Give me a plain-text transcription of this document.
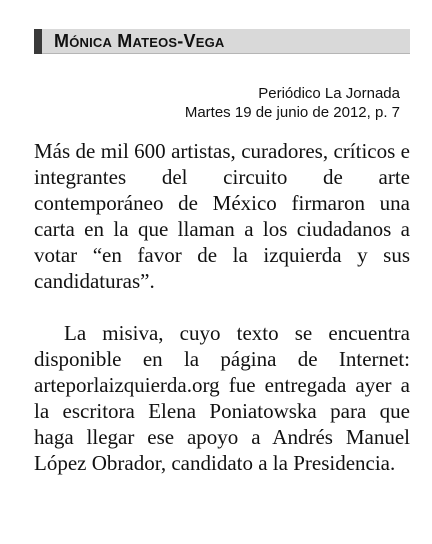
Mónica Mateos-Vega
Periódico La Jornada
Martes 19 de junio de 2012, p. 7

Más de mil 600 artistas, curadores, críticos e integrantes del circuito de arte contemporáneo de México firmaron una carta en la que llaman a los ciudadanos a votar “en favor de la izquierda y sus candidaturas”.

La misiva, cuyo texto se encuentra disponible en la página de Internet: arteporlaizquierda.org fue entregada ayer a la escritora Elena Poniatowska para que haga llegar ese apoyo a Andrés Manuel López Obrador, candidato a la Presidencia.
